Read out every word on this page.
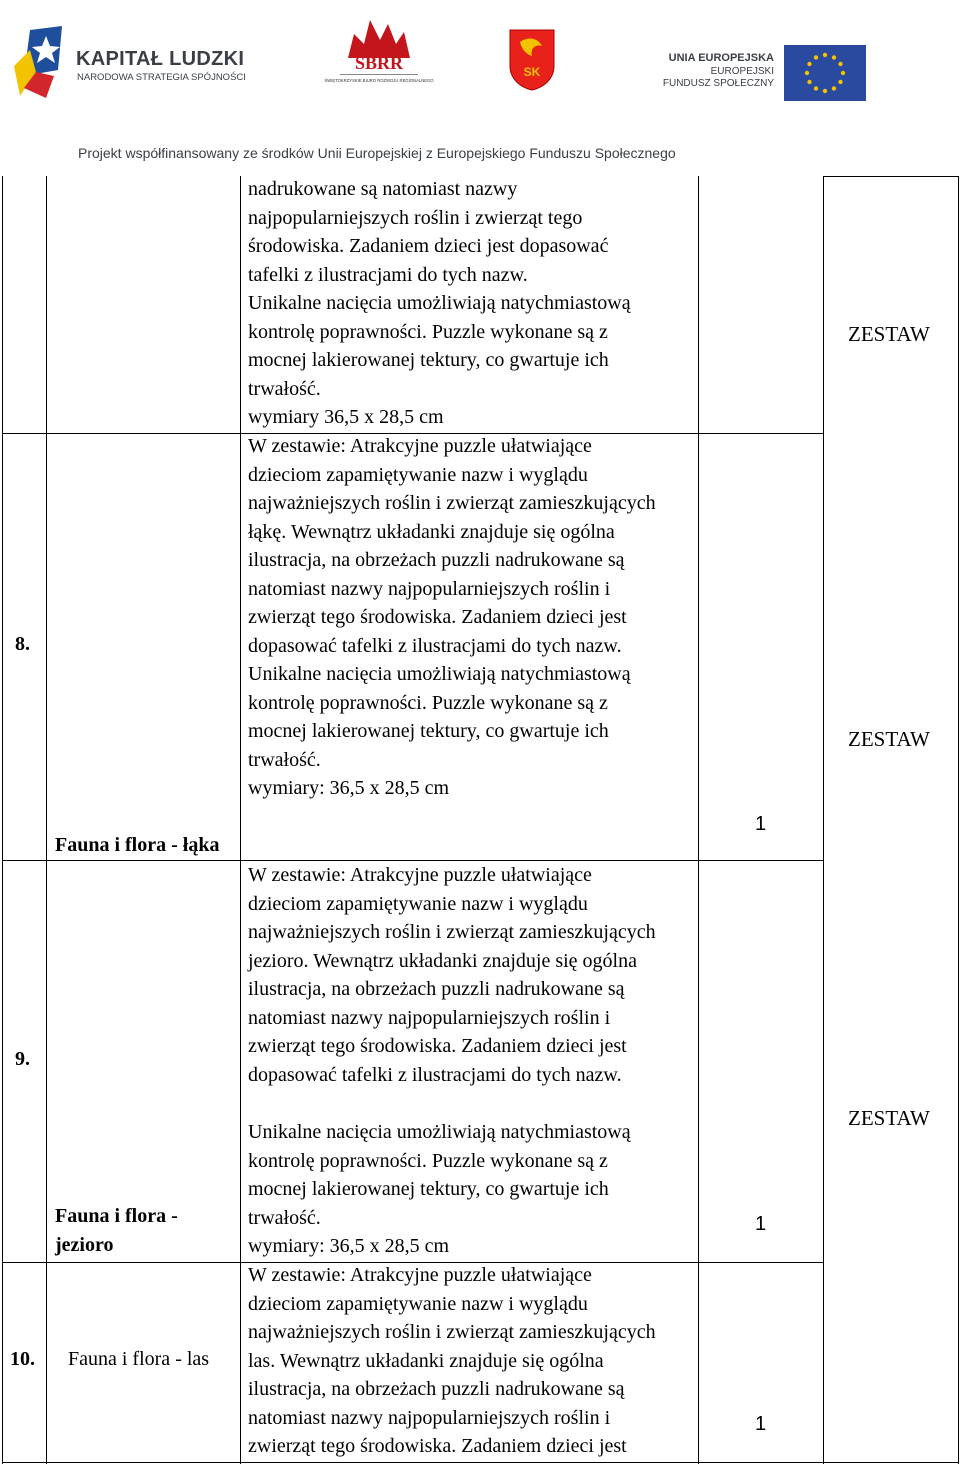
KAPITAŁ LUDZKI
NARODOWA STRATEGIA SPÓJNOŚCI
ŚBRR
ŚWIĘTOKRZYSKIE BIURO ROZWOJU REGIONALNEGO
SK
UNIA EUROPEJSKA
EUROPEJSKI
FUNDUSZ SPOŁECZNY
Projekt współfinansowany ze środków Unii Europejskiej z Europejskiego Funduszu Społecznego
8.
9.
10.
Fauna i flora - łąka
Fauna i flora -
jezioro
Fauna i flora - las
nadrukowane są natomiast nazwy
najpopularniejszych roślin i zwierząt tego
środowiska. Zadaniem dzieci jest dopasować
tafelki z ilustracjami do tych nazw.
Unikalne nacięcia umożliwiają natychmiastową
kontrolę poprawności. Puzzle wykonane są z
mocnej lakierowanej tektury, co gwartuje ich
trwałość.
wymiary 36,5 x 28,5 cm
W zestawie: Atrakcyjne puzzle ułatwiające
dzieciom zapamiętywanie nazw i wyglądu
najważniejszych roślin i zwierząt zamieszkujących
łąkę. Wewnątrz układanki znajduje się ogólna
ilustracja, na obrzeżach puzzli nadrukowane są
natomiast nazwy najpopularniejszych roślin i
zwierząt tego środowiska. Zadaniem dzieci jest
dopasować tafelki z ilustracjami do tych nazw.
Unikalne nacięcia umożliwiają natychmiastową
kontrolę poprawności. Puzzle wykonane są z
mocnej lakierowanej tektury, co gwartuje ich
trwałość.
wymiary: 36,5 x 28,5 cm
W zestawie: Atrakcyjne puzzle ułatwiające
dzieciom zapamiętywanie nazw i wyglądu
najważniejszych roślin i zwierząt zamieszkujących
jezioro. Wewnątrz układanki znajduje się ogólna
ilustracja, na obrzeżach puzzli nadrukowane są
natomiast nazwy najpopularniejszych roślin i
zwierząt tego środowiska. Zadaniem dzieci jest
dopasować tafelki z ilustracjami do tych nazw.
Unikalne nacięcia umożliwiają natychmiastową
kontrolę poprawności. Puzzle wykonane są z
mocnej lakierowanej tektury, co gwartuje ich
trwałość.
wymiary: 36,5 x 28,5 cm
W zestawie: Atrakcyjne puzzle ułatwiające
dzieciom zapamiętywanie nazw i wyglądu
najważniejszych roślin i zwierząt zamieszkujących
las. Wewnątrz układanki znajduje się ogólna
ilustracja, na obrzeżach puzzli nadrukowane są
natomiast nazwy najpopularniejszych roślin i
zwierząt tego środowiska. Zadaniem dzieci jest
1
1
1
ZESTAW
ZESTAW
ZESTAW
